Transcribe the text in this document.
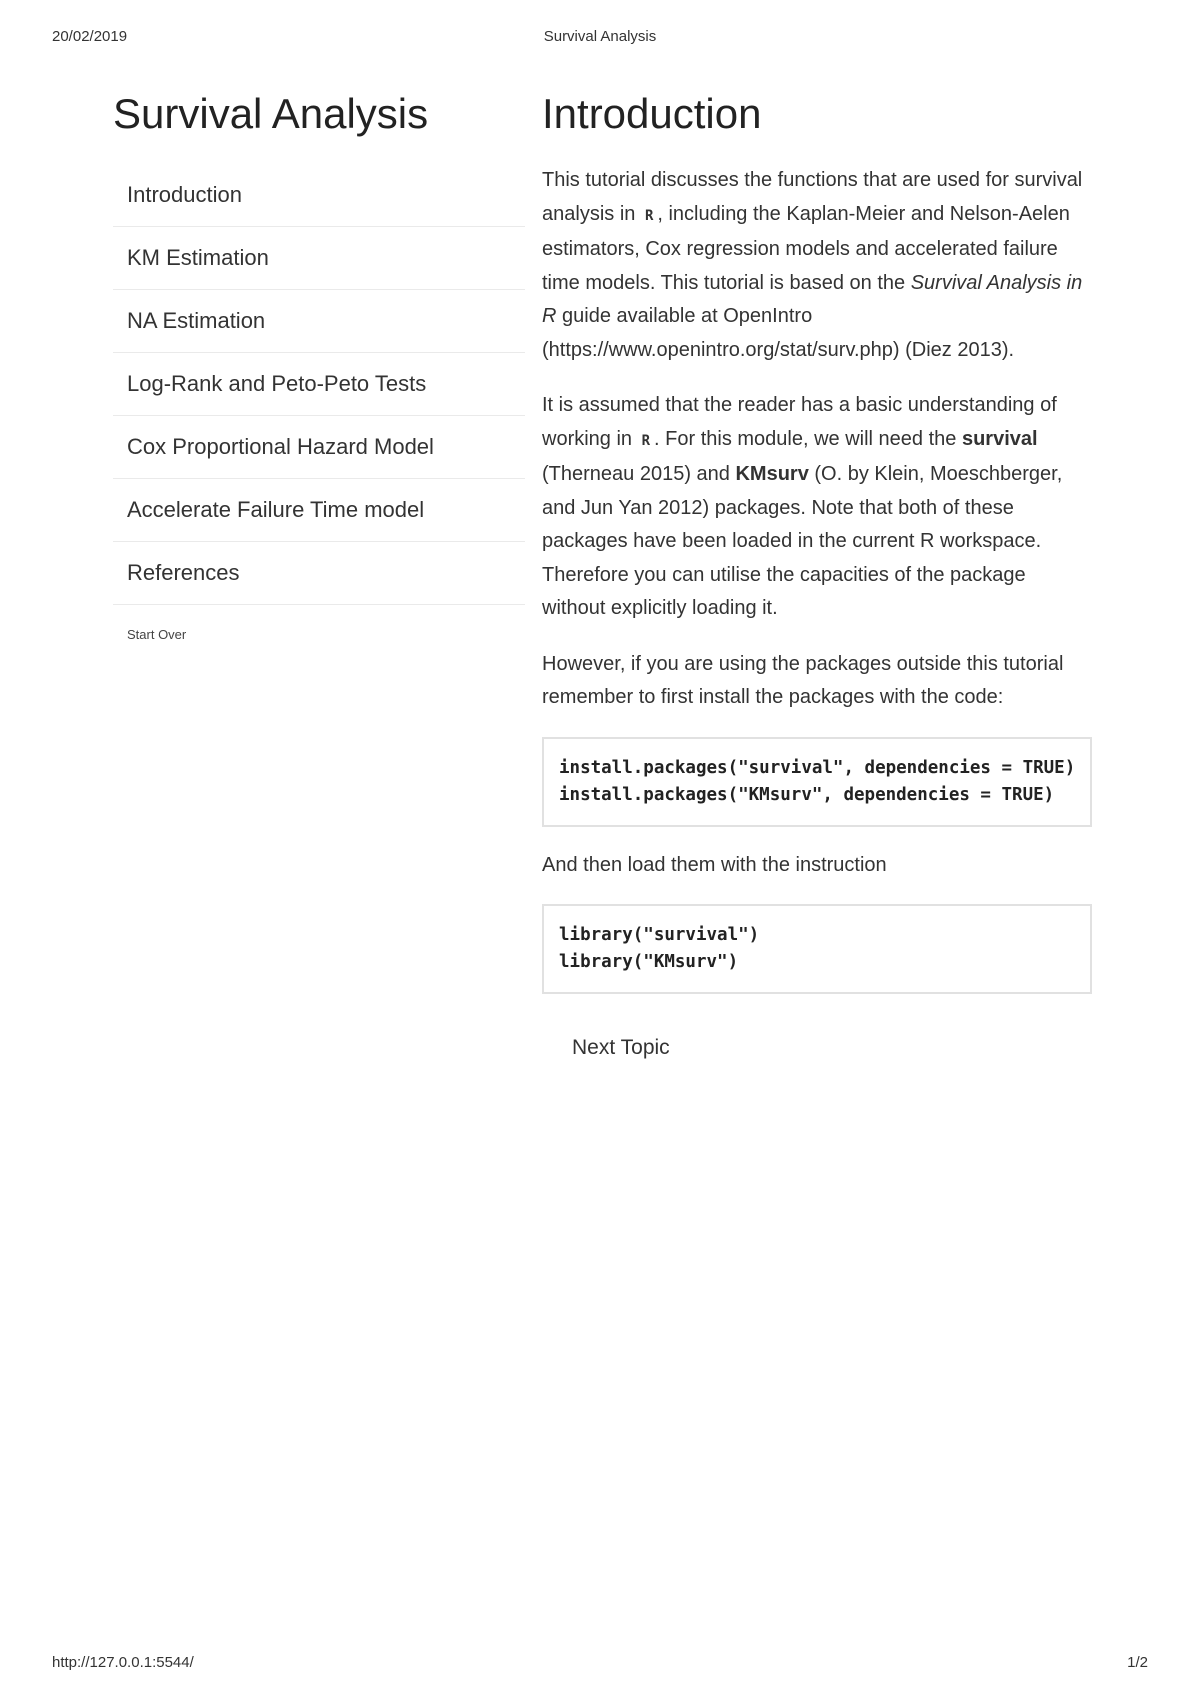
20/02/2019	Survival Analysis
Survival Analysis
Introduction
KM Estimation
NA Estimation
Log-Rank and Peto-Peto Tests
Cox Proportional Hazard Model
Accelerate Failure Time model
References
Start Over
Introduction

This tutorial discusses the functions that are used for survival analysis in R , including the Kaplan-Meier and Nelson-Aelen estimators, Cox regression models and accelerated failure time models. This tutorial is based on the Survival Analysis in R guide available at OpenIntro (https://www.openintro.org/stat/surv.php) (Diez 2013).

It is assumed that the reader has a basic understanding of working in R . For this module, we will need the survival (Therneau 2015) and KMsurv (O. by Klein, Moeschberger, and Jun Yan 2012) packages. Note that both of these packages have been loaded in the current R workspace. Therefore you can utilise the capacities of the package without explicitly loading it.

However, if you are using the packages outside this tutorial remember to first install the packages with the code:

install.packages("survival", dependencies = TRUE)
install.packages("KMsurv", dependencies = TRUE)

And then load them with the instruction

library("survival")
library("KMsurv")
Next Topic
http://127.0.0.1:5544/	1/2
